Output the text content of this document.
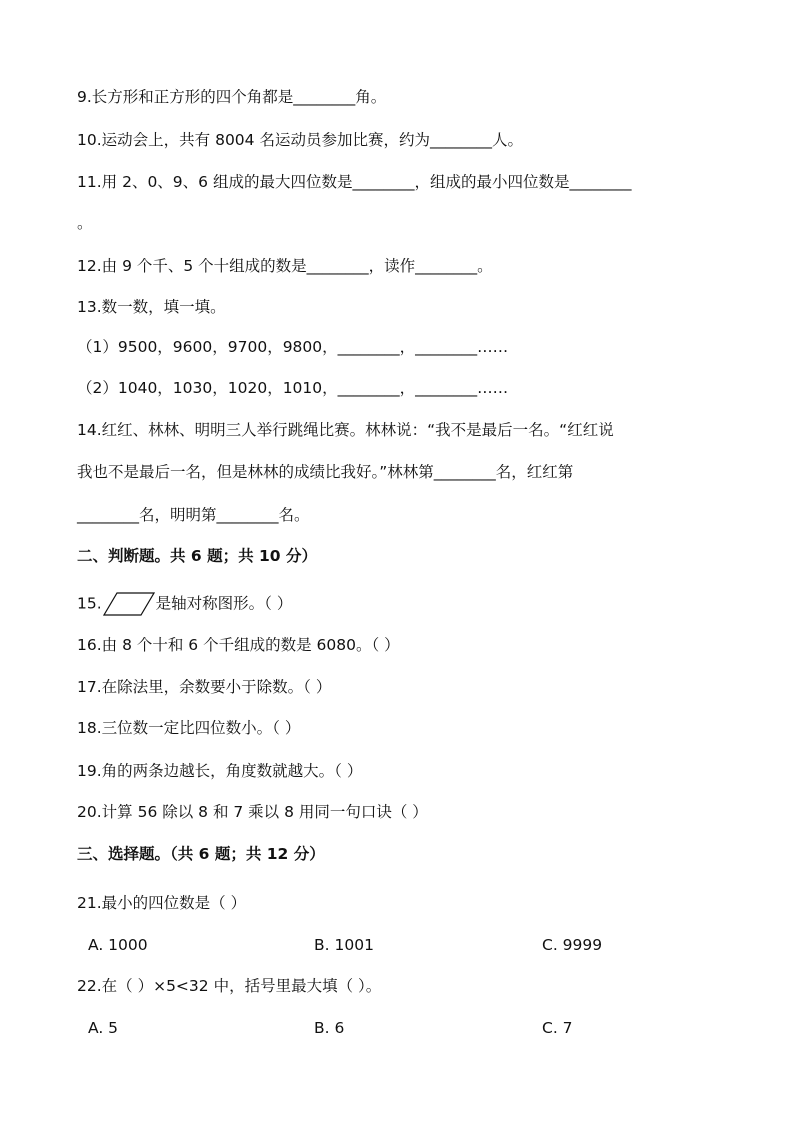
9.长方形和正方形的四个角都是________角。
10.运动会上，共有 8004 名运动员参加比赛，约为________人。
11.用 2、0、9、6 组成的最大四位数是________，组成的最小四位数是________
。
12.由 9 个千、5 个十组成的数是________，读作________。
13.数一数，填一填。
（1）9500，9600，9700，9800，________，________……
（2）1040，1030，1020，1010，________，________……
14.红红、林林、明明三人举行跳绳比赛。林林说：“我不是最后一名。“红红说
我也不是最后一名，但是林林的成绩比我好。”林林第________名，红红第
________名，明明第________名。
二、判断题。共 6 题；共 10 分）
15.	是轴对称图形。（ ）
16.由 8 个十和 6 个千组成的数是 6080。（ ）
17.在除法里，余数要小于除数。（ ）
18.三位数一定比四位数小。（ ）
19.角的两条边越长，角度数就越大。（ ）
20.计算 56 除以 8 和 7 乘以 8 用同一句口诀（ ）
三、选择题。（共 6 题；共 12 分）
21.最小的四位数是（ ）
A. 1000	B. 1001	C. 9999
22.在（ ）×5<32 中，括号里最大填（ ）。
A. 5	B. 6	C. 7
